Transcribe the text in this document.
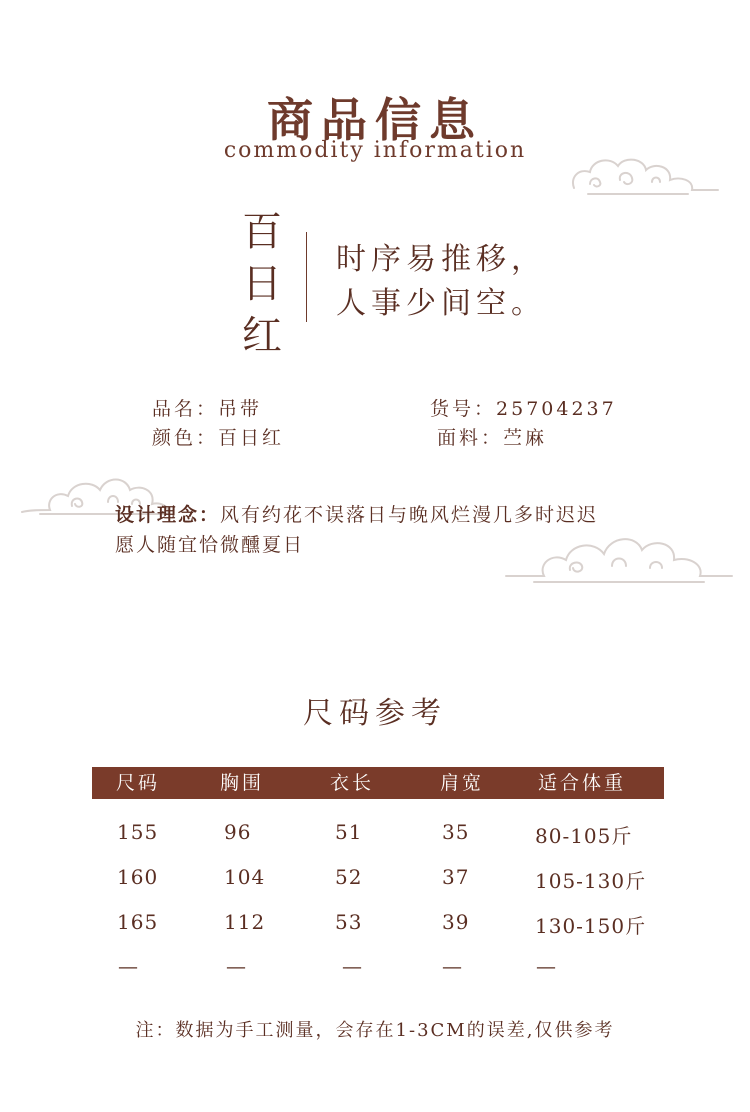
商品信息
commodity information
百
日
红
时序易推移，
人事少间空。
品名：吊带	货号：25704237
颜色：百日红	面料：苎麻
设计理念：风有约花不误落日与晚风烂漫几多时迟迟
愿人随宜恰微醺夏日
尺码参考
尺码	胸围	衣长	肩宽	适合体重
155	96	51	35	80-105斤
160	104	52	37	105-130斤
165	112	53	39	130-150斤
—	—	—	—	—
注：数据为手工测量，会存在1-3CM的误差,仅供参考
